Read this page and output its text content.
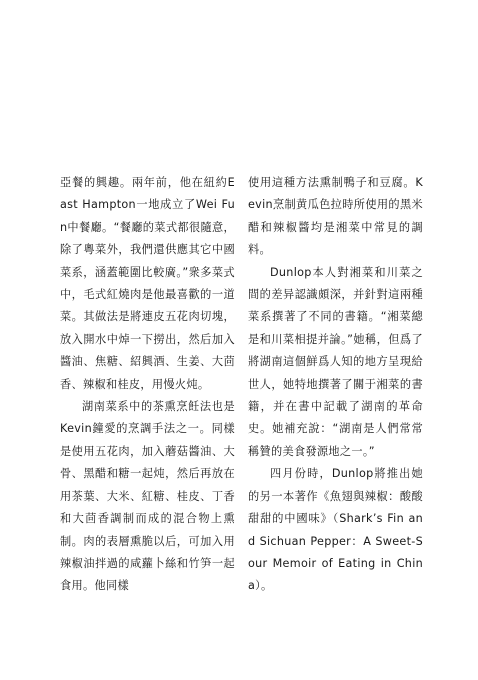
亞餐的興趣。兩年前，他在紐約East Hampton一地成立了Wei Fun中餐廳。“餐廳的菜式都很隨意，除了粵菜外，我們還供應其它中國菜系，涵蓋範圍比較廣。”衆多菜式中，毛式紅燒肉是他最喜歡的一道菜。其做法是將連皮五花肉切塊，放入開水中焯一下撈出，然后加入醬油、焦糖、紹興酒、生姜、大茴香、辣椒和桂皮，用慢火炖。

湖南菜系中的茶熏烹飪法也是Kevin鐘愛的烹調手法之一。同樣是使用五花肉，加入蘑菇醬油、大骨、黑醋和糖一起炖，然后再放在用茶葉、大米、紅糖、桂皮、丁香和大茴香調制而成的混合物上熏制。肉的表層熏脆以后，可加入用辣椒油拌過的咸蘿卜絲和竹笋一起食用。他同樣

使用這種方法熏制鴨子和豆腐。Kevin烹制黄瓜色拉時所使用的黑米醋和辣椒醬均是湘菜中常見的調料。

Dunlop本人對湘菜和川菜之間的差异認識頗深，并針對這兩種菜系撰著了不同的書籍。“湘菜總是和川菜相提并論。”她稱，但爲了將湖南這個鮮爲人知的地方呈現給世人，她特地撰著了關于湘菜的書籍，并在書中記載了湖南的革命史。她補充說：“湖南是人們常常稱贊的美食發源地之一。”

四月份時，Dunlop將推出她的另一本著作《魚翅與辣椒：酸酸甜甜的中國味》（Shark’s Fin and Sichuan Pepper：A Sweet-Sour Memoir of Eating in China）。
